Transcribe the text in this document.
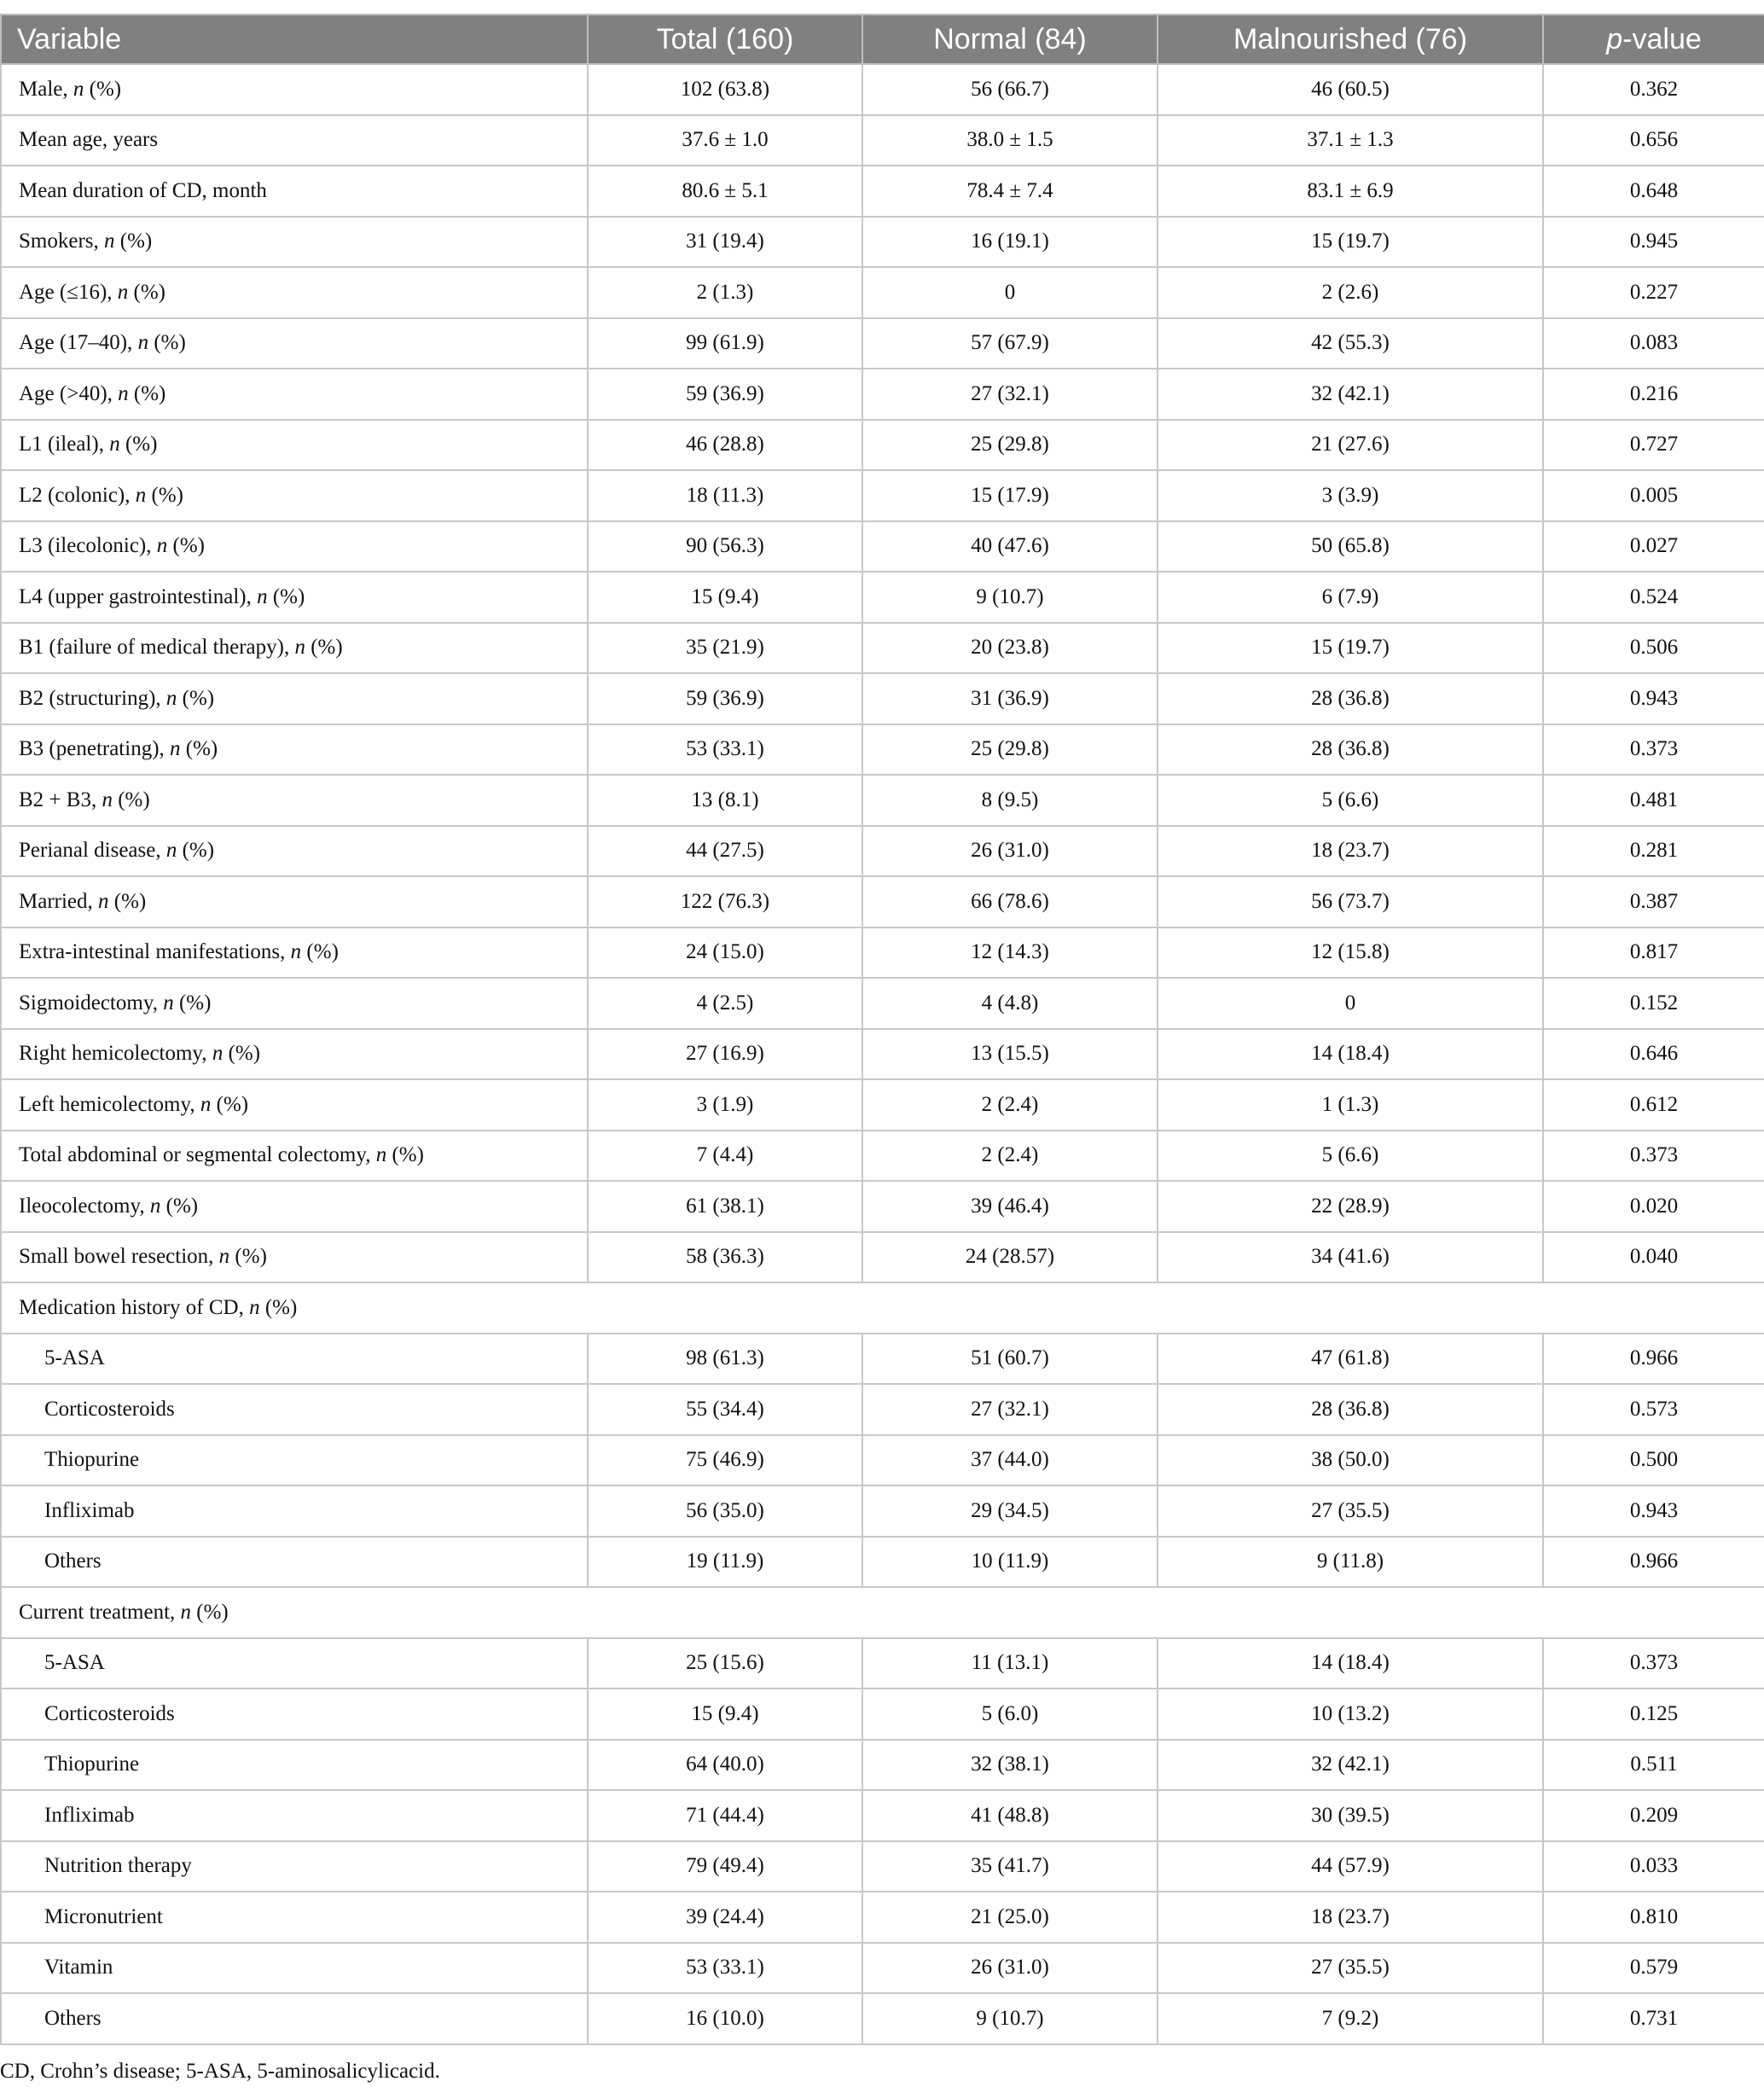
Variable	Total (160)	Normal (84)	Malnourished (76)	p-value
Male, n (%)	102 (63.8)	56 (66.7)	46 (60.5)	0.362
Mean age, years	37.6 ± 1.0	38.0 ± 1.5	37.1 ± 1.3	0.656
Mean duration of CD, month	80.6 ± 5.1	78.4 ± 7.4	83.1 ± 6.9	0.648
Smokers, n (%)	31 (19.4)	16 (19.1)	15 (19.7)	0.945
Age (≤16), n (%)	2 (1.3)	0	2 (2.6)	0.227
Age (17–40), n (%)	99 (61.9)	57 (67.9)	42 (55.3)	0.083
Age (>40), n (%)	59 (36.9)	27 (32.1)	32 (42.1)	0.216
L1 (ileal), n (%)	46 (28.8)	25 (29.8)	21 (27.6)	0.727
L2 (colonic), n (%)	18 (11.3)	15 (17.9)	3 (3.9)	0.005
L3 (ilecolonic), n (%)	90 (56.3)	40 (47.6)	50 (65.8)	0.027
L4 (upper gastrointestinal), n (%)	15 (9.4)	9 (10.7)	6 (7.9)	0.524
B1 (failure of medical therapy), n (%)	35 (21.9)	20 (23.8)	15 (19.7)	0.506
B2 (structuring), n (%)	59 (36.9)	31 (36.9)	28 (36.8)	0.943
B3 (penetrating), n (%)	53 (33.1)	25 (29.8)	28 (36.8)	0.373
B2 + B3, n (%)	13 (8.1)	8 (9.5)	5 (6.6)	0.481
Perianal disease, n (%)	44 (27.5)	26 (31.0)	18 (23.7)	0.281
Married, n (%)	122 (76.3)	66 (78.6)	56 (73.7)	0.387
Extra-intestinal manifestations, n (%)	24 (15.0)	12 (14.3)	12 (15.8)	0.817
Sigmoidectomy, n (%)	4 (2.5)	4 (4.8)	0	0.152
Right hemicolectomy, n (%)	27 (16.9)	13 (15.5)	14 (18.4)	0.646
Left hemicolectomy, n (%)	3 (1.9)	2 (2.4)	1 (1.3)	0.612
Total abdominal or segmental colectomy, n (%)	7 (4.4)	2 (2.4)	5 (6.6)	0.373
Ileocolectomy, n (%)	61 (38.1)	39 (46.4)	22 (28.9)	0.020
Small bowel resection, n (%)	58 (36.3)	24 (28.57)	34 (41.6)	0.040
Medication history of CD, n (%)				
5-ASA	98 (61.3)	51 (60.7)	47 (61.8)	0.966
Corticosteroids	55 (34.4)	27 (32.1)	28 (36.8)	0.573
Thiopurine	75 (46.9)	37 (44.0)	38 (50.0)	0.500
Infliximab	56 (35.0)	29 (34.5)	27 (35.5)	0.943
Others	19 (11.9)	10 (11.9)	9 (11.8)	0.966
Current treatment, n (%)				
5-ASA	25 (15.6)	11 (13.1)	14 (18.4)	0.373
Corticosteroids	15 (9.4)	5 (6.0)	10 (13.2)	0.125
Thiopurine	64 (40.0)	32 (38.1)	32 (42.1)	0.511
Infliximab	71 (44.4)	41 (48.8)	30 (39.5)	0.209
Nutrition therapy	79 (49.4)	35 (41.7)	44 (57.9)	0.033
Micronutrient	39 (24.4)	21 (25.0)	18 (23.7)	0.810
Vitamin	53 (33.1)	26 (31.0)	27 (35.5)	0.579
Others	16 (10.0)	9 (10.7)	7 (9.2)	0.731
CD, Crohn’s disease; 5-ASA, 5-aminosalicylicacid.
